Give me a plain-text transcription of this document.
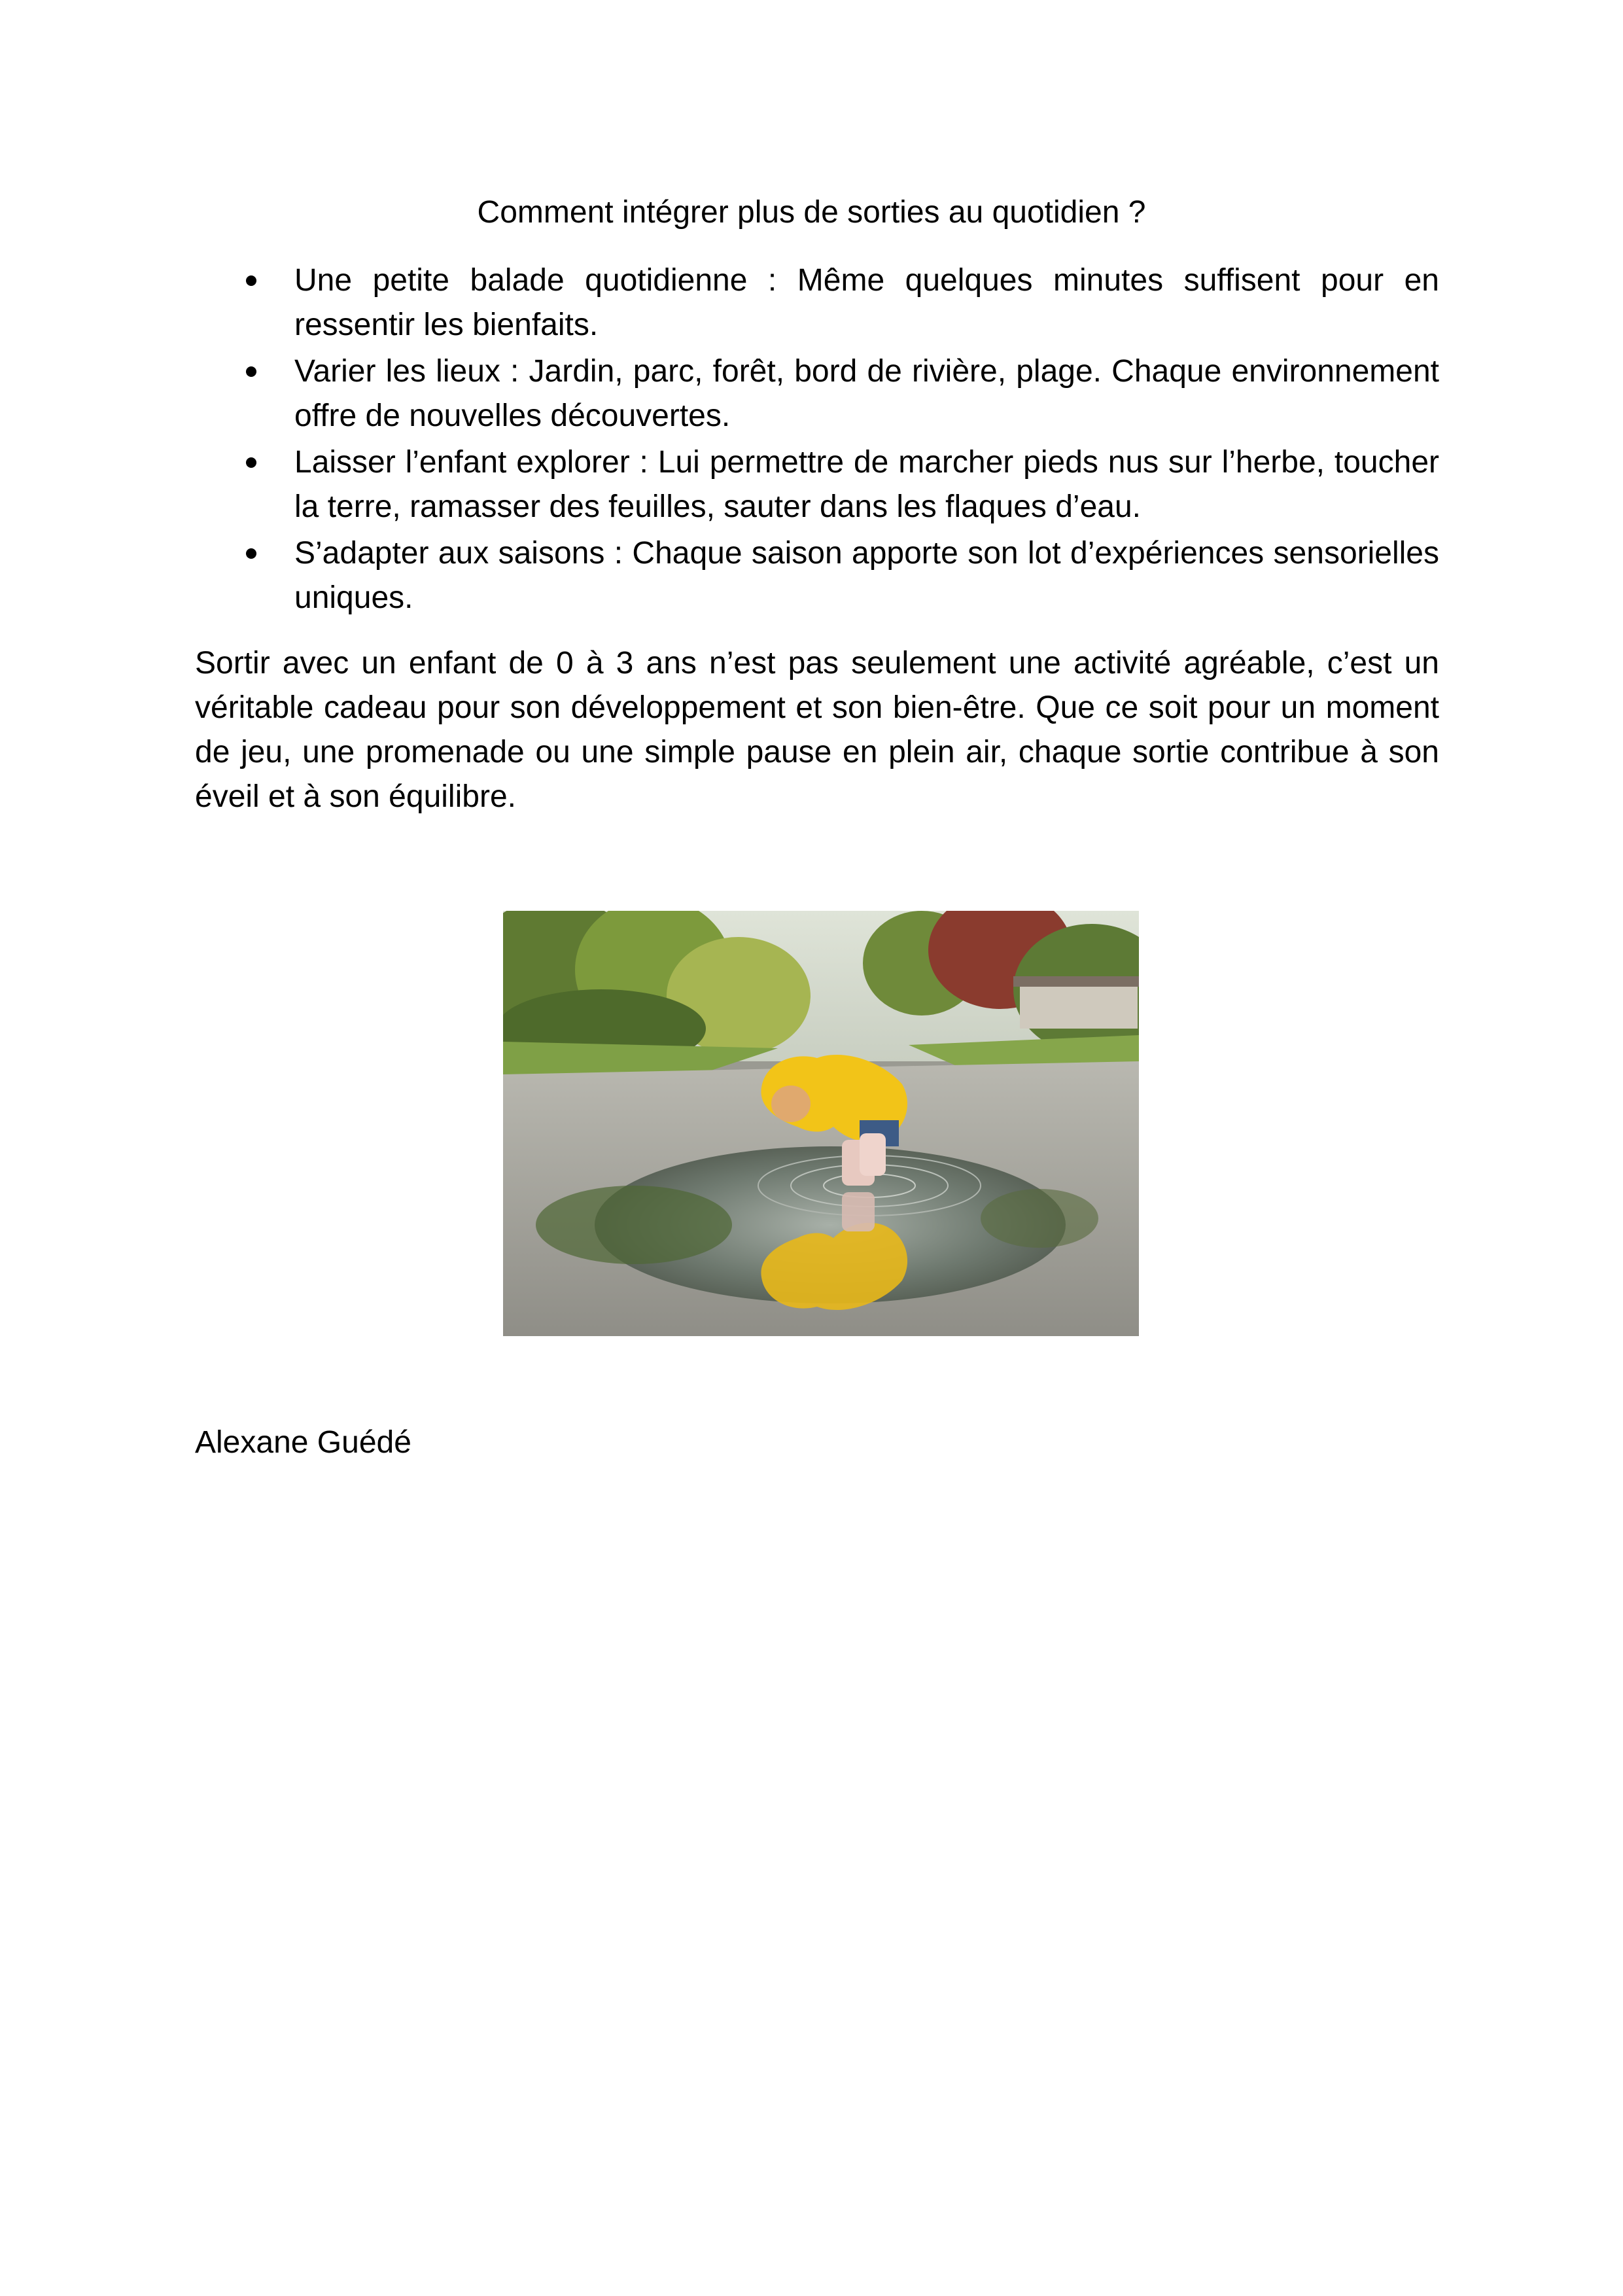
Comment intégrer plus de sorties au quotidien ?
Une petite balade quotidienne : Même quelques minutes suffisent pour en ressentir les bienfaits.
Varier les lieux : Jardin, parc, forêt, bord de rivière, plage. Chaque environnement offre de nouvelles découvertes.
Laisser l’enfant explorer : Lui permettre de marcher pieds nus sur l’herbe, toucher la terre, ramasser des feuilles, sauter dans les flaques d’eau.
S’adapter aux saisons : Chaque saison apporte son lot d’expériences sensorielles uniques.

Sortir avec un enfant de 0 à 3 ans n’est pas seulement une activité agréable, c’est un véritable cadeau pour son développement et son bien-être. Que ce soit pour un moment de jeu, une promenade ou une simple pause en plein air, chaque sortie contribue à son éveil et à son équilibre.

Alexane Guédé
